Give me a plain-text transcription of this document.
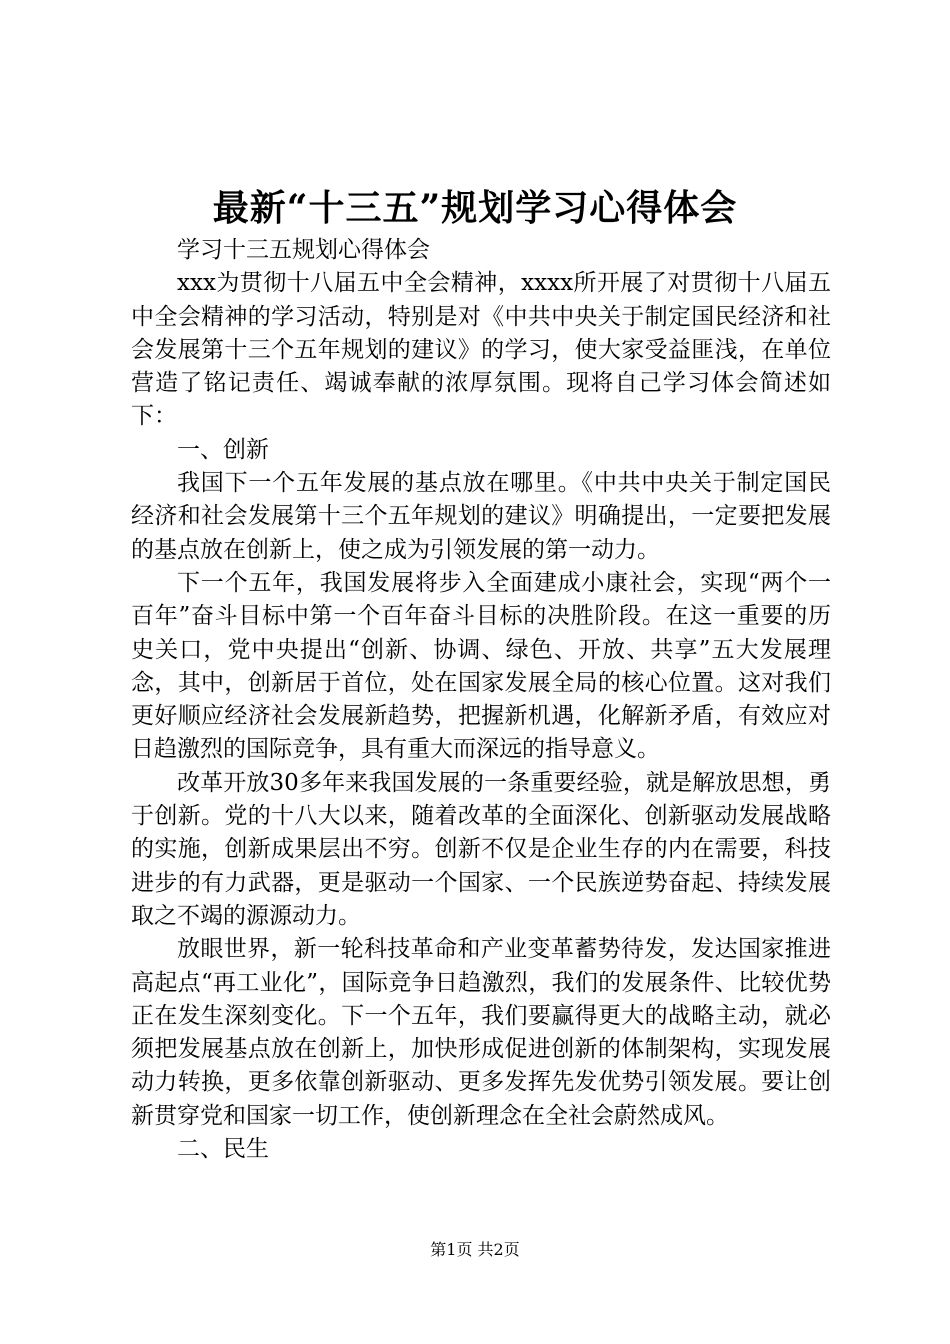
最新“十三五”规划学习心得体会

学习十三五规划心得体会

xxx为贯彻十八届五中全会精神，xxxx所开展了对贯彻十八届五中全会精神的学习活动，特别是对《中共中央关于制定国民经济和社会发展第十三个五年规划的建议》的学习，使大家受益匪浅，在单位营造了铭记责任、竭诚奉献的浓厚氛围。现将自己学习体会简述如下：

一、创新

我国下一个五年发展的基点放在哪里。《中共中央关于制定国民经济和社会发展第十三个五年规划的建议》明确提出，一定要把发展的基点放在创新上，使之成为引领发展的第一动力。

下一个五年，我国发展将步入全面建成小康社会，实现“两个一百年”奋斗目标中第一个百年奋斗目标的决胜阶段。在这一重要的历史关口，党中央提出“创新、协调、绿色、开放、共享”五大发展理念，其中，创新居于首位，处在国家发展全局的核心位置。这对我们更好顺应经济社会发展新趋势，把握新机遇，化解新矛盾，有效应对日趋激烈的国际竞争，具有重大而深远的指导意义。

改革开放30多年来我国发展的一条重要经验，就是解放思想，勇于创新。党的十八大以来，随着改革的全面深化、创新驱动发展战略的实施，创新成果层出不穷。创新不仅是企业生存的内在需要，科技进步的有力武器，更是驱动一个国家、一个民族逆势奋起、持续发展取之不竭的源源动力。

放眼世界，新一轮科技革命和产业变革蓄势待发，发达国家推进高起点“再工业化”，国际竞争日趋激烈，我们的发展条件、比较优势正在发生深刻变化。下一个五年，我们要赢得更大的战略主动，就必须把发展基点放在创新上，加快形成促进创新的体制架构，实现发展动力转换，更多依靠创新驱动、更多发挥先发优势引领发展。要让创新贯穿党和国家一切工作，使创新理念在全社会蔚然成风。

二、民生

第1页 共2页
